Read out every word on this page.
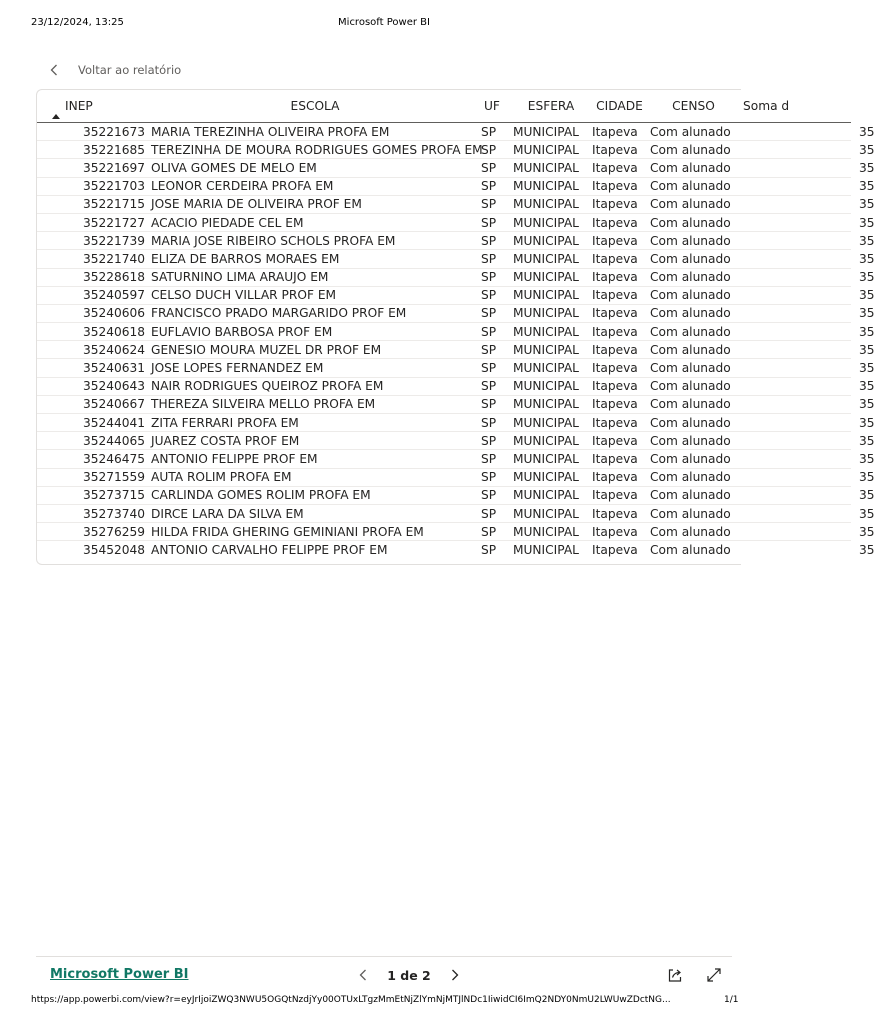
23/12/2024, 13:25	Microsoft Power BI
Voltar ao relatório
INEP	ESCOLA	UF	ESFERA	CIDADE	CENSO	Soma d
35221673	MARIA TEREZINHA OLIVEIRA PROFA EM	SP	MUNICIPAL	Itapeva	Com alunado	35
35221685	TEREZINHA DE MOURA RODRIGUES GOMES PROFA EM	SP	MUNICIPAL	Itapeva	Com alunado	35
35221697	OLIVA GOMES DE MELO EM	SP	MUNICIPAL	Itapeva	Com alunado	35
35221703	LEONOR CERDEIRA PROFA EM	SP	MUNICIPAL	Itapeva	Com alunado	35
35221715	JOSE MARIA DE OLIVEIRA PROF EM	SP	MUNICIPAL	Itapeva	Com alunado	35
35221727	ACACIO PIEDADE CEL EM	SP	MUNICIPAL	Itapeva	Com alunado	35
35221739	MARIA JOSE RIBEIRO SCHOLS PROFA EM	SP	MUNICIPAL	Itapeva	Com alunado	35
35221740	ELIZA DE BARROS MORAES EM	SP	MUNICIPAL	Itapeva	Com alunado	35
35228618	SATURNINO LIMA ARAUJO EM	SP	MUNICIPAL	Itapeva	Com alunado	35
35240597	CELSO DUCH VILLAR PROF EM	SP	MUNICIPAL	Itapeva	Com alunado	35
35240606	FRANCISCO PRADO MARGARIDO PROF EM	SP	MUNICIPAL	Itapeva	Com alunado	35
35240618	EUFLAVIO BARBOSA PROF EM	SP	MUNICIPAL	Itapeva	Com alunado	35
35240624	GENESIO MOURA MUZEL DR PROF EM	SP	MUNICIPAL	Itapeva	Com alunado	35
35240631	JOSE LOPES FERNANDEZ EM	SP	MUNICIPAL	Itapeva	Com alunado	35
35240643	NAIR RODRIGUES QUEIROZ PROFA EM	SP	MUNICIPAL	Itapeva	Com alunado	35
35240667	THEREZA SILVEIRA MELLO PROFA EM	SP	MUNICIPAL	Itapeva	Com alunado	35
35244041	ZITA FERRARI PROFA EM	SP	MUNICIPAL	Itapeva	Com alunado	35
35244065	JUAREZ COSTA PROF EM	SP	MUNICIPAL	Itapeva	Com alunado	35
35246475	ANTONIO FELIPPE PROF EM	SP	MUNICIPAL	Itapeva	Com alunado	35
35271559	AUTA ROLIM PROFA EM	SP	MUNICIPAL	Itapeva	Com alunado	35
35273715	CARLINDA GOMES ROLIM PROFA EM	SP	MUNICIPAL	Itapeva	Com alunado	35
35273740	DIRCE LARA DA SILVA EM	SP	MUNICIPAL	Itapeva	Com alunado	35
35276259	HILDA FRIDA GHERING GEMINIANI PROFA EM	SP	MUNICIPAL	Itapeva	Com alunado	35
35452048	ANTONIO CARVALHO FELIPPE PROF EM	SP	MUNICIPAL	Itapeva	Com alunado	35
Microsoft Power BI	1 de 2
https://app.powerbi.com/view?r=eyJrIjoiZWQ3NWU5OGQtNzdjYy00OTUxLTgzMmEtNjZlYmNjMTJlNDc1IiwidCI6ImQ2NDY0NmU2LWUwZDctNG...	1/1
